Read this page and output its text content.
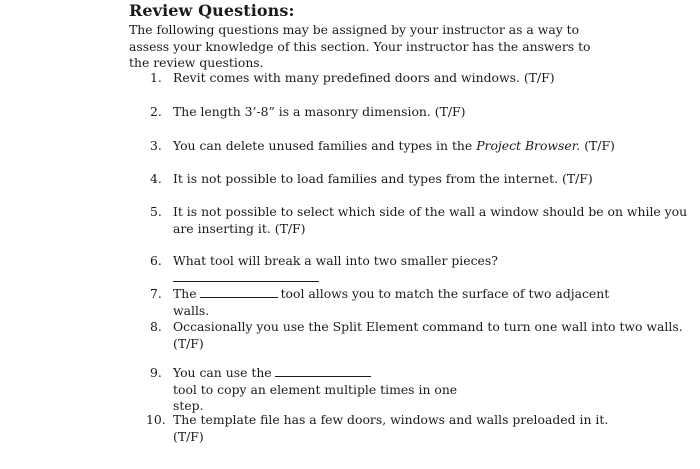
Review Questions:
The following questions may be assigned by your instructor as a way to assess your knowledge of this section. Your instructor has the answers to the review questions.
1. Revit comes with many predefined doors and windows. (T/F)
2. The length 3’-8” is a masonry dimension. (T/F)
3. You can delete unused families and types in the Project Browser. (T/F)
4. It is not possible to load families and types from the internet. (T/F)
5. It is not possible to select which side of the wall a window should be on while you
are inserting it. (T/F)
6. What tool will break a wall into two smaller pieces?
7. The	tool allows you to match the surface of two adjacent walls.
8. Occasionally you use the Split Element command to turn one wall into two walls.
(T/F)
9. You can use thetool to copy an element multiple times in one
step.
10. The template file has a few doors, windows and walls preloaded in it. (T/F)
